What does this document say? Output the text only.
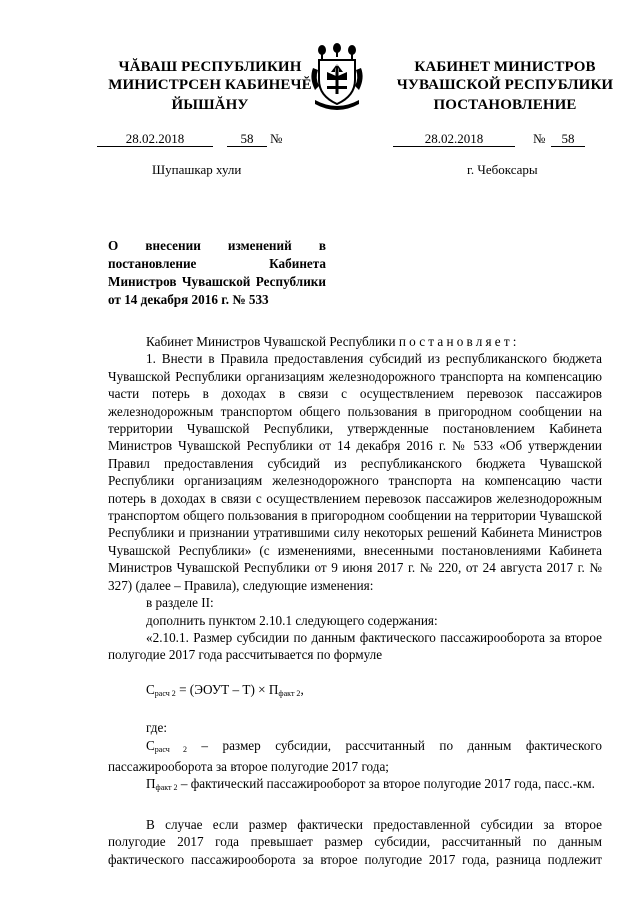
ЧĂВАШ РЕСПУБЛИКИН
МИНИСТРСЕН КАБИНЕЧĔ
ЙЫШĂНУ
КАБИНЕТ МИНИСТРОВ
ЧУВАШСКОЙ РЕСПУБЛИКИ
ПОСТАНОВЛЕНИЕ
28.02.2018	58	№	28.02.2018	№	58
Шупашкар хули	г. Чебоксары
О внесении изменений в постановление Кабинета Министров Чувашской Республики от 14 декабря 2016 г. № 533

Кабинет Министров Чувашской Республики постановляет:

1. Внести в Правила предоставления субсидий из республиканского бюджета Чувашской Республики организациям железнодорожного транспорта на компенсацию части потерь в доходах в связи с осуществлением перевозок пассажиров железнодорожным транспортом общего пользования в пригородном сообщении на территории Чувашской Республики, утвержденные постановлением Кабинета Министров Чувашской Республики от 14 декабря 2016 г. № 533 «Об утверждении Правил предоставления субсидий из республиканского бюджета Чувашской Республики организациям железнодорожного транспорта на компенсацию части потерь в доходах в связи с осуществлением перевозок пассажиров железнодорожным транспортом общего пользования в пригородном сообщении на территории Чувашской Республики и признании утратившими силу некоторых решений Кабинета Министров Чувашской Республики» (с изменениями, внесенными постановлениями Кабинета Министров Чувашской Республики от 9 июня 2017 г. № 220, от 24 августа 2017 г. № 327) (далее – Правила), следующие изменения:

в разделе II:

дополнить пунктом 2.10.1 следующего содержания:

«2.10.1. Размер субсидии по данным фактического пассажирооборота за второе полугодие 2017 года рассчитывается по формуле

$С_{расч 2}$ = (ЭОУТ – $Т) \times П_{факт 2}$,

где:

$С_{расч 2}$ – размер субсидии, рассчитанный по данным фактического пассажирооборота за второе полугодие 2017 года;

$П_{факт 2}$ – фактический пассажирооборот за второе полугодие 2017 года, пасс.-км.

В случае если размер фактически предоставленной субсидии за второе полугодие 2017 года превышает размер субсидии, рассчитанный по данным фактического пассажирооборота за второе полугодие 2017 года, разница подлежит
